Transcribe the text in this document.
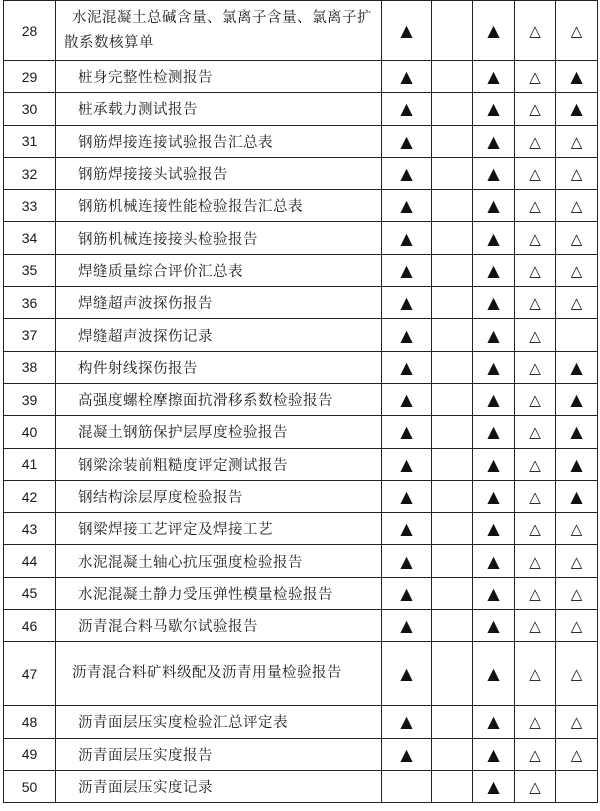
28	水泥混凝土总碱含量、氯离子含量、氯离子扩散系数核算单	▲		▲	△	△
29	桩身完整性检测报告	▲		▲	△	▲
30	桩承载力测试报告	▲		▲	△	▲
31	钢筋焊接连接试验报告汇总表	▲		▲	△	△
32	钢筋焊接接头试验报告	▲		▲	△	△
33	钢筋机械连接性能检验报告汇总表	▲		▲	△	△
34	钢筋机械连接接头检验报告	▲		▲	△	△
35	焊缝质量综合评价汇总表	▲		▲	△	△
36	焊缝超声波探伤报告	▲		▲	△	△
37	焊缝超声波探伤记录	▲		▲	△	
38	构件射线探伤报告	▲		▲	△	▲
39	高强度螺栓摩擦面抗滑移系数检验报告	▲		▲	△	▲
40	混凝土钢筋保护层厚度检验报告	▲		▲	△	▲
41	钢梁涂装前粗糙度评定测试报告	▲		▲	△	▲
42	钢结构涂层厚度检验报告	▲		▲	△	▲
43	钢梁焊接工艺评定及焊接工艺	▲		▲	△	△
44	水泥混凝土轴心抗压强度检验报告	▲		▲	△	△
45	水泥混凝土静力受压弹性模量检验报告	▲		▲	△	△
46	沥青混合料马歇尔试验报告	▲		▲	△	△
47	沥青混合料矿料级配及沥青用量检验报告	▲		▲	△	△
48	沥青面层压实度检验汇总评定表	▲		▲	△	△
49	沥青面层压实度报告	▲		▲	△	△
50	沥青面层压实度记录			▲	△	
